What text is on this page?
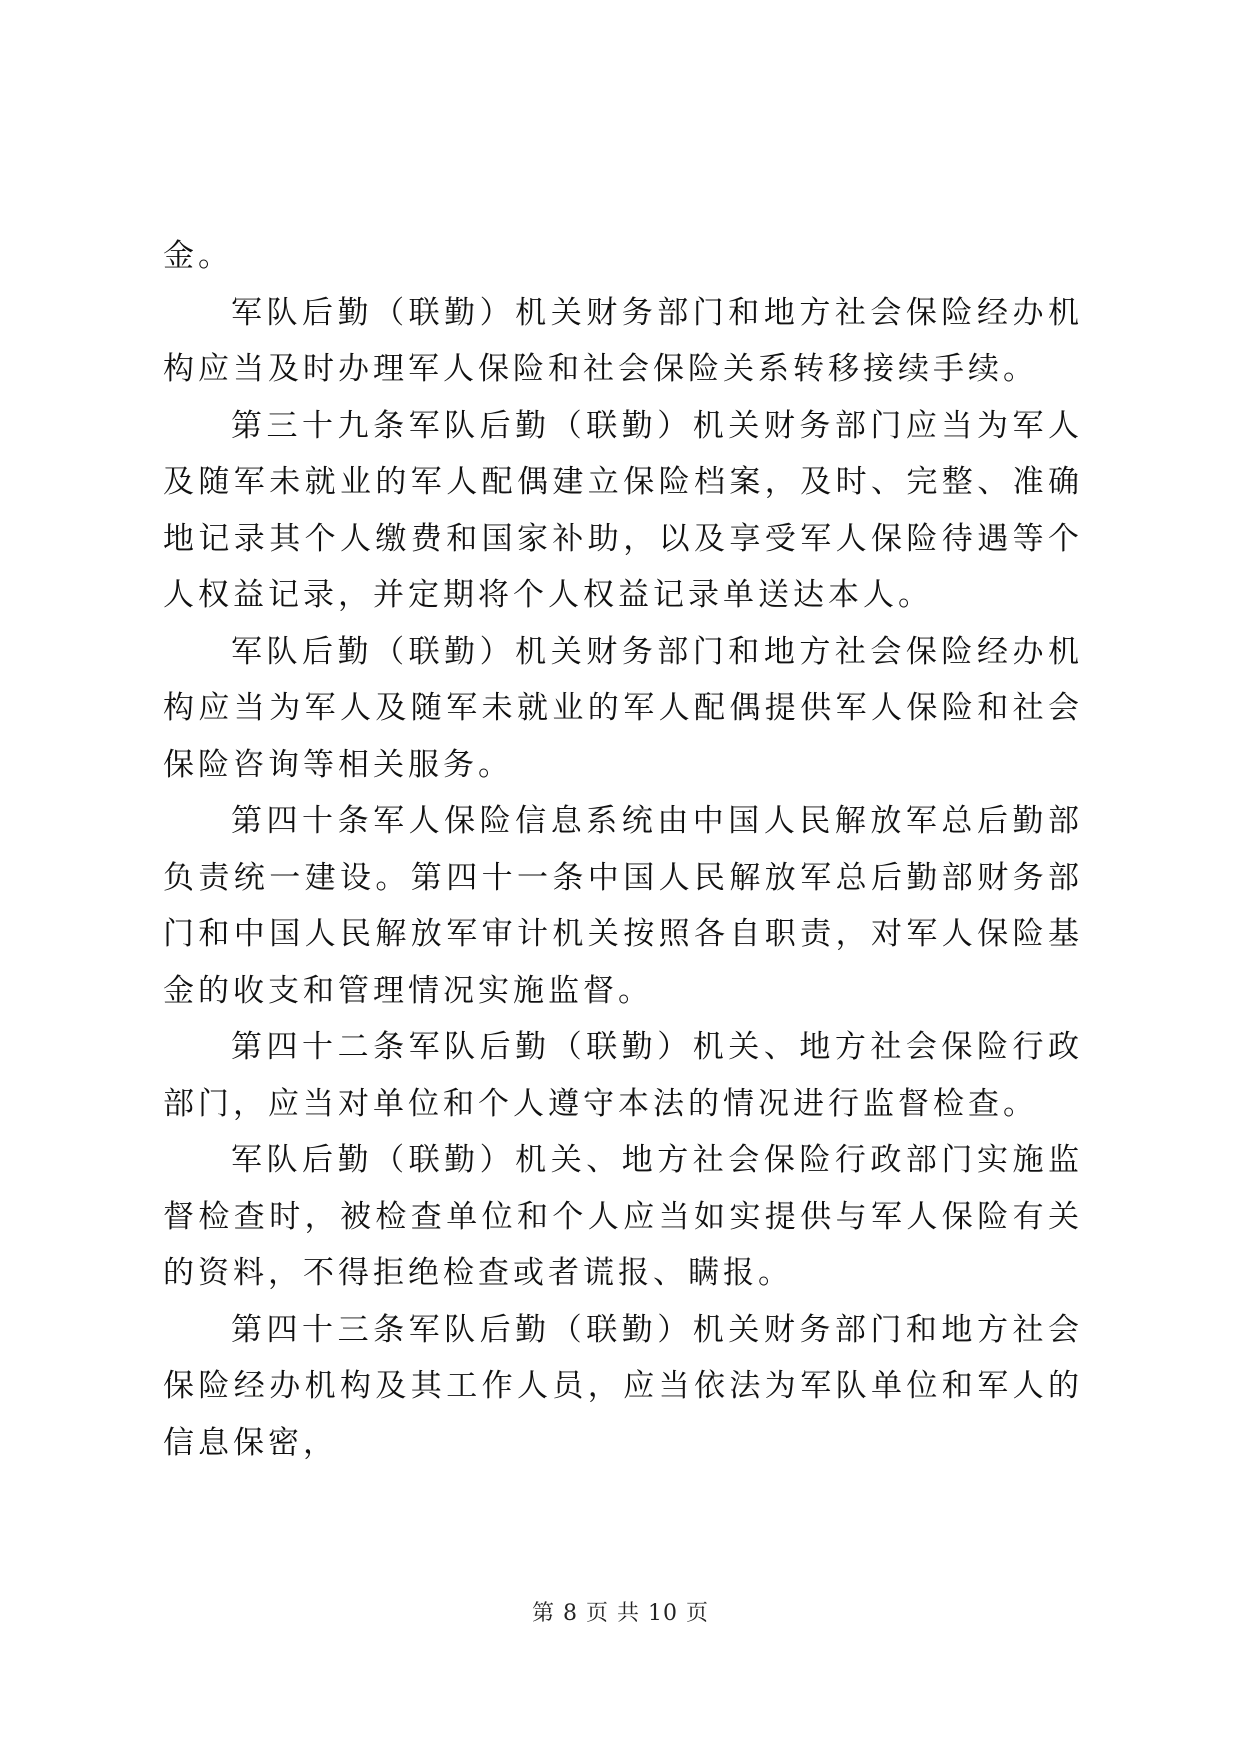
金。

军队后勤（联勤）机关财务部门和地方社会保险经办机构应当及时办理军人保险和社会保险关系转移接续手续。

第三十九条军队后勤（联勤）机关财务部门应当为军人及随军未就业的军人配偶建立保险档案，及时、完整、准确地记录其个人缴费和国家补助，以及享受军人保险待遇等个人权益记录，并定期将个人权益记录单送达本人。

军队后勤（联勤）机关财务部门和地方社会保险经办机构应当为军人及随军未就业的军人配偶提供军人保险和社会保险咨询等相关服务。

第四十条军人保险信息系统由中国人民解放军总后勤部负责统一建设。第四十一条中国人民解放军总后勤部财务部门和中国人民解放军审计机关按照各自职责，对军人保险基金的收支和管理情况实施监督。

第四十二条军队后勤（联勤）机关、地方社会保险行政部门，应当对单位和个人遵守本法的情况进行监督检查。

军队后勤（联勤）机关、地方社会保险行政部门实施监督检查时，被检查单位和个人应当如实提供与军人保险有关的资料，不得拒绝检查或者谎报、瞒报。

第四十三条军队后勤（联勤）机关财务部门和地方社会保险经办机构及其工作人员，应当依法为军队单位和军人的信息保密，

第 8 页 共 10 页
